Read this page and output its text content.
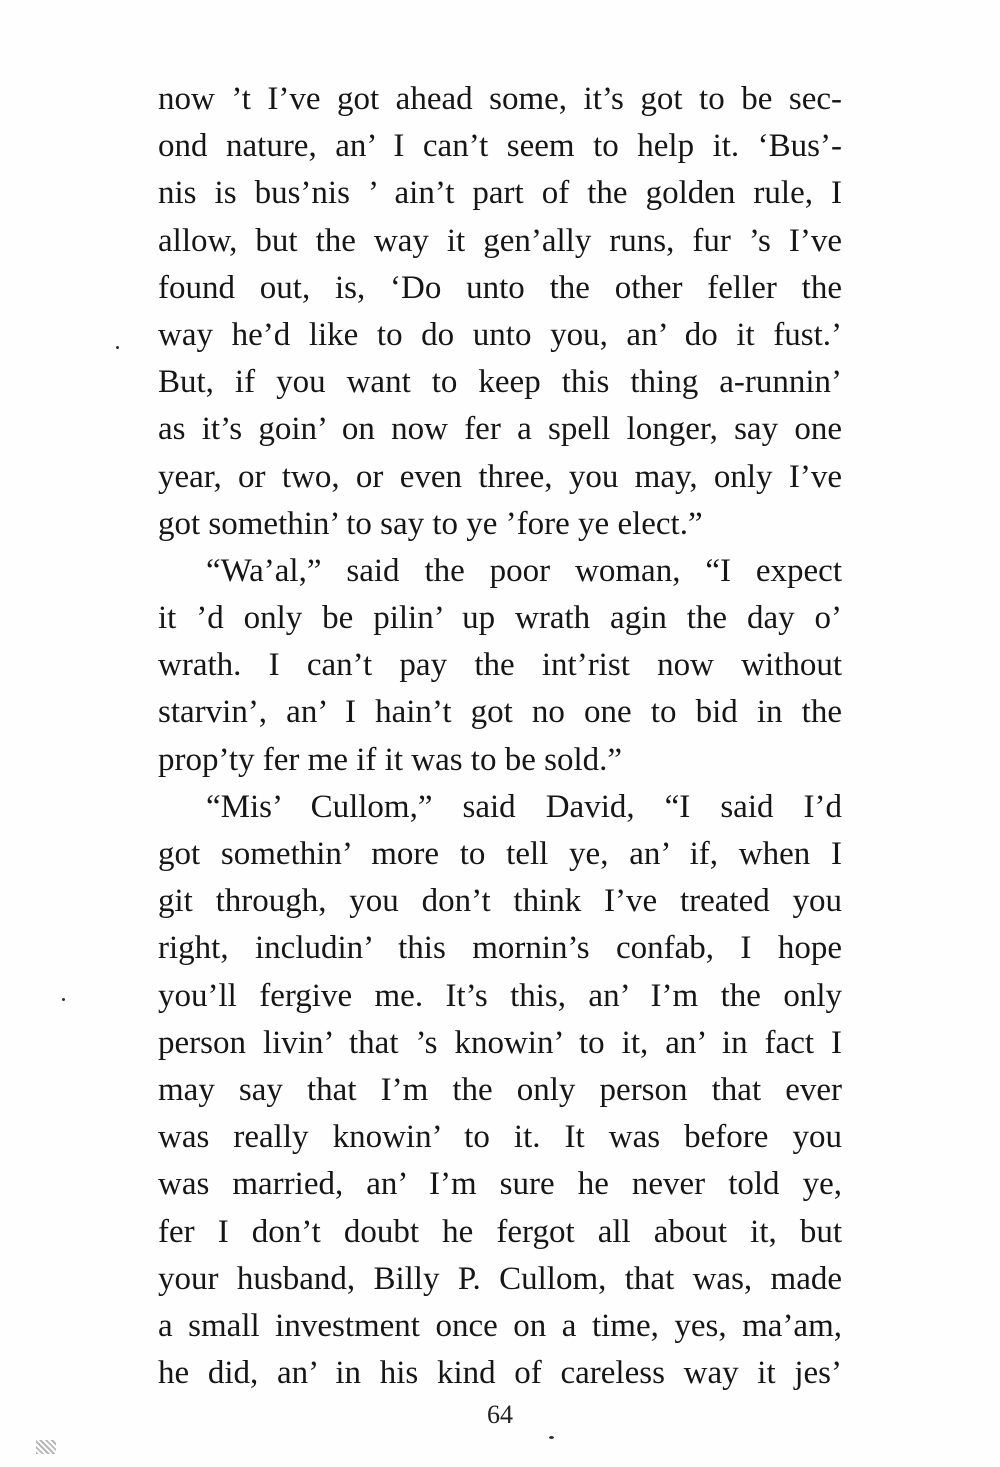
now ’t I’ve got ahead some, it’s got to be sec-
ond nature, an’ I can’t seem to help it. ‘Bus’-
nis is bus’nis ’ ain’t part of the golden rule, I
allow, but the way it gen’ally runs, fur ’s I’ve
found out, is, ‘Do unto the other feller the
way he’d like to do unto you, an’ do it fust.’
But, if you want to keep this thing a-runnin’
as it’s goin’ on now fer a spell longer, say one
year, or two, or even three, you may, only I’ve
got somethin’ to say to ye ’fore ye elect.”
“Wa’al,” said the poor woman, “I expect
it ’d only be pilin’ up wrath agin the day o’
wrath. I can’t pay the int’rist now without
starvin’, an’ I hain’t got no one to bid in the
prop’ty fer me if it was to be sold.”
“Mis’ Cullom,” said David, “I said I’d
got somethin’ more to tell ye, an’ if, when I
git through, you don’t think I’ve treated you
right, includin’ this mornin’s confab, I hope
you’ll fergive me. It’s this, an’ I’m the only
person livin’ that ’s knowin’ to it, an’ in fact I
may say that I’m the only person that ever
was really knowin’ to it. It was before you
was married, an’ I’m sure he never told ye,
fer I don’t doubt he fergot all about it, but
your husband, Billy P. Cullom, that was, made
a small investment once on a time, yes, ma’am,
he did, an’ in his kind of careless way it jes’
64
